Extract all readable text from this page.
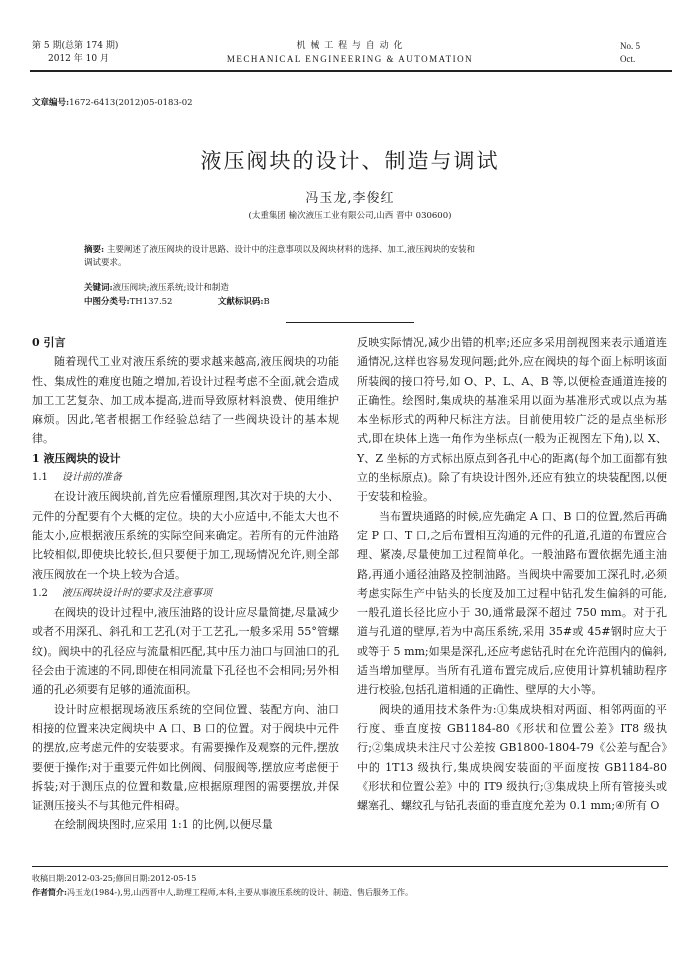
第 5 期(总第 174 期)
2012 年 10 月
机 械 工 程 与 自 动 化
MECHANICAL ENGINEERING & AUTOMATION
No. 5
Oct.
文章编号:1672-6413(2012)05-0183-02
液压阀块的设计、制造与调试
冯玉龙,李俊红
(太重集团 榆次液压工业有限公司,山西 晋中 030600)
摘要: 主要阐述了液压阀块的设计思路、设计中的注意事项以及阀块材料的选择、加工,液压阀块的安装和
调试要求。
关键词:液压阀块;液压系统;设计和制造
中图分类号:TH137.52	文献标识码:B

0 引言

随着现代工业对液压系统的要求越来越高,液压阀块的功能性、集成性的难度也随之增加,若设计过程考虑不全面,就会造成加工工艺复杂、加工成本提高,进而导致原材料浪费、使用维护麻烦。因此,笔者根据工作经验总结了一些阀块设计的基本规律。

1 液压阀块的设计

1.1 设计前的准备

在设计液压阀块前,首先应看懂原理图,其次对于块的大小、元件的分配要有个大概的定位。块的大小应适中,不能太大也不能太小,应根据液压系统的实际空间来确定。若所有的元件油路比较相似,即使块比较长,但只要便于加工,现场情况允许,则全部液压阀放在一个块上较为合适。

1.2 液压阀块设计时的要求及注意事项

在阀块的设计过程中,液压油路的设计应尽量简捷,尽量减少或者不用深孔、斜孔和工艺孔(对于工艺孔,一般多采用 55°管螺纹)。阀块中的孔径应与流量相匹配,其中压力油口与回油口的孔径会由于流速的不同,即使在相同流量下孔径也不会相同;另外相通的孔必须要有足够的通流面积。

设计时应根据现场液压系统的空间位置、装配方向、油口相接的位置来决定阀块中 A 口、B 口的位置。对于阀块中元件的摆放,应考虑元件的安装要求。有需要操作及观察的元件,摆放要便于操作;对于重要元件如比例阀、伺服阀等,摆放应考虑便于拆装;对于测压点的位置和数量,应根据原理图的需要摆放,并保证测压接头不与其他元件相碍。

在绘制阀块图时,应采用 1:1 的比例,以便尽量

反映实际情况,减少出错的机率;还应多采用剖视图来表示通道连通情况,这样也容易发现问题;此外,应在阀块的每个面上标明该面所装阀的接口符号,如 O、P、L、A、B 等,以便检查通道连接的正确性。绘图时,集成块的基准采用以面为基准形式或以点为基本坐标形式的两种尺标注方法。目前使用较广泛的是点坐标形式,即在块体上选一角作为坐标点(一般为正视图左下角),以 X、Y、Z 坐标的方式标出原点到各孔中心的距离(每个加工面都有独立的坐标原点)。除了有块设计图外,还应有独立的块装配图,以便于安装和检验。

当布置块通路的时候,应先确定 A 口、B 口的位置,然后再确定 P 口、T 口,之后布置相互沟通的元件的孔道,孔道的布置应合理、紧凑,尽量使加工过程简单化。一般油路布置依据先通主油路,再通小通径油路及控制油路。当阀块中需要加工深孔时,必须考虑实际生产中钻头的长度及加工过程中钻孔发生偏斜的可能,一般孔道长径比应小于 30,通常最深不超过 750 mm。对于孔道与孔道的壁厚,若为中高压系统,采用 35#或 45#钢时应大于或等于 5 mm;如果是深孔,还应考虑钻孔时在允许范围内的偏斜,适当增加壁厚。当所有孔道布置完成后,应使用计算机辅助程序进行校验,包括孔道相通的正确性、壁厚的大小等。

阀块的通用技术条件为:①集成块相对两面、相邻两面的平行度、垂直度按 GB1184-80《形状和位置公差》IT8 级执行;②集成块未注尺寸公差按 GB1800-1804-79《公差与配合》中的 1T13 级执行,集成块阀安装面的平面度按 GB1184-80《形状和位置公差》中的 IT9 级执行;③集成块上所有管接头或螺塞孔、螺纹孔与钻孔表面的垂直度允差为 0.1 mm;④所有 O

收稿日期:2012-03-25;修回日期:2012-05-15
作者简介:冯玉龙(1984-),男,山西晋中人,助理工程师,本科,主要从事液压系统的设计、制造、售后服务工作。
·183·
